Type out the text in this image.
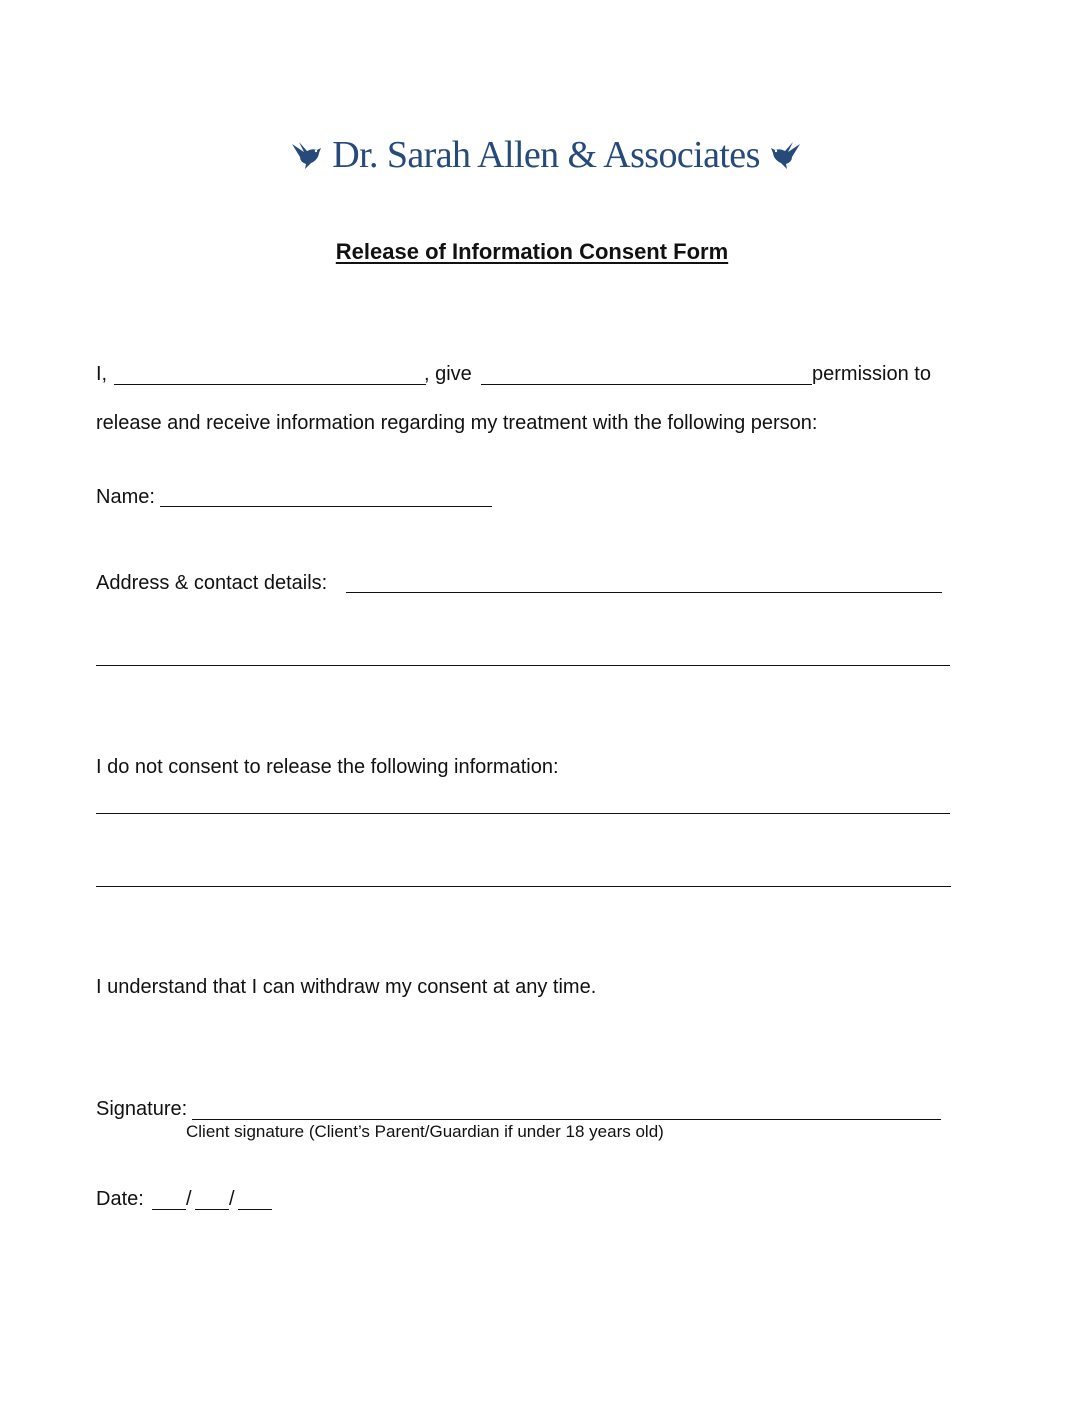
Dr. Sarah Allen & Associates
Release of Information Consent Form
I,	, give	permission to
release and receive information regarding my treatment with the following person:
Name:
Address & contact details:
I do not consent to release the following information:
I understand that I can withdraw my consent at any time.
Signature:
Client signature (Client’s Parent/Guardian if under 18 years old)
Date: / /
